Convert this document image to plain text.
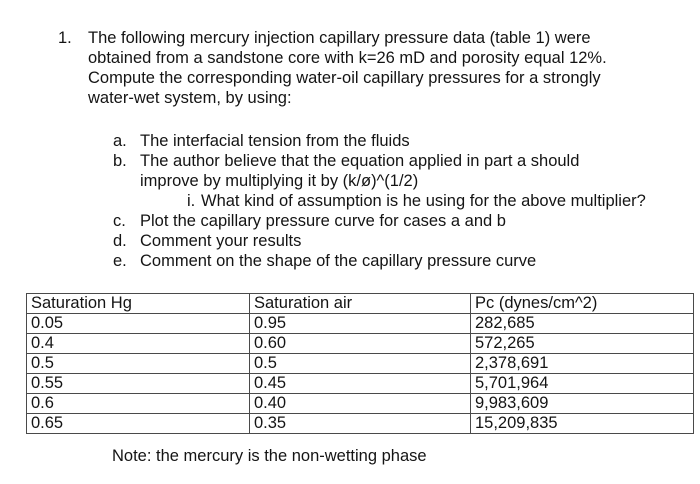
1. The following mercury injection capillary pressure data (table 1) were
obtained from a sandstone core with k=26 mD and porosity equal 12%.
Compute the corresponding water-oil capillary pressures for a strongly
water-wet system, by using:
a. The interfacial tension from the fluids
b. The author believe that the equation applied in part a should
improve by multiplying it by (k/ø)^(1/2)
i. What kind of assumption is he using for the above multiplier?
c. Plot the capillary pressure curve for cases a and b
d. Comment your results
e. Comment on the shape of the capillary pressure curve
Saturation Hg	Saturation air	Pc (dynes/cm^2)
0.05	0.95	282,685
0.4	0.60	572,265
0.5	0.5	2,378,691
0.55	0.45	5,701,964
0.6	0.40	9,983,609
0.65	0.35	15,209,835
Note: the mercury is the non-wetting phase
